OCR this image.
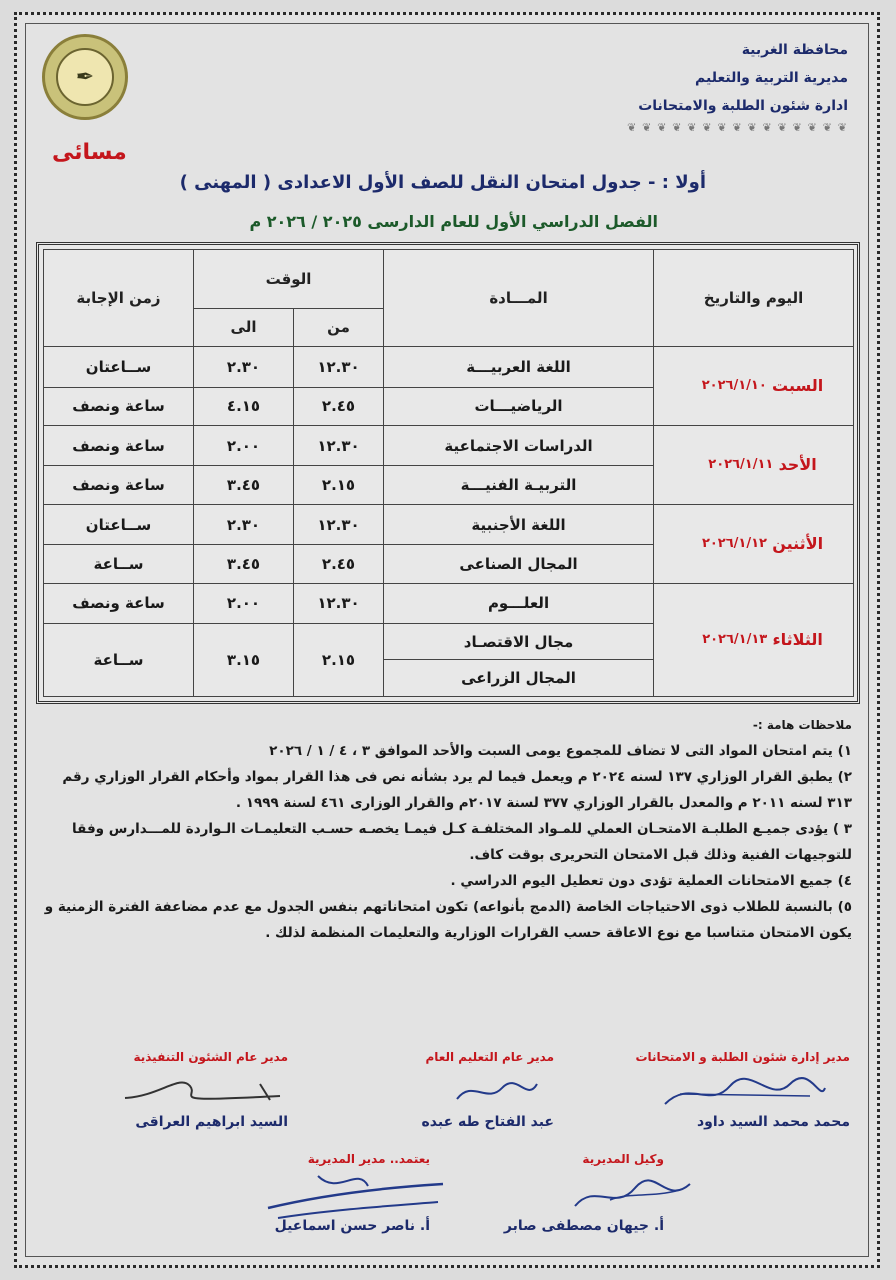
✒
محافظة الغربية
مديرية التربية والتعليم
ادارة شئون الطلبة والامتحانات
❦ ❦ ❦ ❦ ❦ ❦ ❦ ❦ ❦ ❦ ❦ ❦ ❦ ❦ ❦
مسائى
أولا : - جدول امتحان النقل للصف الأول الاعدادى ( المهنى )
الفصل الدراسي الأول للعام الدارسى ٢٠٢٥ / ٢٠٢٦ م
اليوم والتاريخ	المـــادة	الوقت		زمن الإجابة
		من	الى	
السبت ٢٠٢٦/١/١٠	اللغة العربيـــة	١٢.٣٠	٢.٣٠	ســاعتان
	الرياضيـــات	٢.٤٥	٤.١٥	ساعة ونصف
الأحد ٢٠٢٦/١/١١	الدراسات الاجتماعية	١٢.٣٠	٢.٠٠	ساعة ونصف
	التربيـة الفنيـــة	٢.١٥	٣.٤٥	ساعة ونصف
الأثنين ٢٠٢٦/١/١٢	اللغة الأجنبية	١٢.٣٠	٢.٣٠	ســاعتان
	المجال الصناعى	٢.٤٥	٣.٤٥	ســاعة
الثلاثاء ٢٠٢٦/١/١٣	العلـــوم	١٢.٣٠	٢.٠٠	ساعة ونصف
	مجال الاقتصـاد	٢.١٥	٣.١٥	ســاعة
	المجال الزراعى			

ملاحظات هامة :-

١) يتم امتحان المواد التى لا تضاف للمجموع يومى السبت والأحد الموافق ٣ ، ٤ / ١ / ٢٠٢٦

٢) يطبق القرار الوزاري ١٣٧ لسنه ٢٠٢٤ م ويعمل فيما لم يرد بشأنه نص فى هذا القرار بمواد وأحكام القرار الوزاري رقم ٣١٣ لسنه ٢٠١١ م والمعدل بالقرار الوزاري ٣٧٧ لسنة ٢٠١٧م والقرار الوزارى ٤٦١ لسنة ١٩٩٩ .

٣ ) يؤدى جميـع الطلبـة الامتحـان العملي للمـواد المختلفـة كـل فيمـا يخصـه حسـب التعليمـات الـواردة للمـــدارس وفقا للتوجيهات الفنية وذلك قبل الامتحان التحريرى بوقت كاف.

٤) جميع الامتحانات العملية تؤدى دون تعطيل اليوم الدراسي .

٥) بالنسبة للطلاب ذوى الاحتياجات الخاصة (الدمج بأنواعه) تكون امتحاناتهم بنفس الجدول مع عدم مضاعفة الفترة الزمنية و يكون الامتحان متناسبا مع نوع الاعاقة حسب القرارات الوزارية والتعليمات المنظمة لذلك .

مدير إدارة شئون الطلبة و الامتحانات
محمد محمد السيد داود
مدير عام التعليم العام
عبد الفتاح طه عبده
مدير عام الشئون التنفيذية
السيد ابراهيم العراقى
وكيل المديرية
أ. جيهان مصطفى صابر
يعتمد.. مدير المديرية
أ. ناصر حسن اسماعيل
